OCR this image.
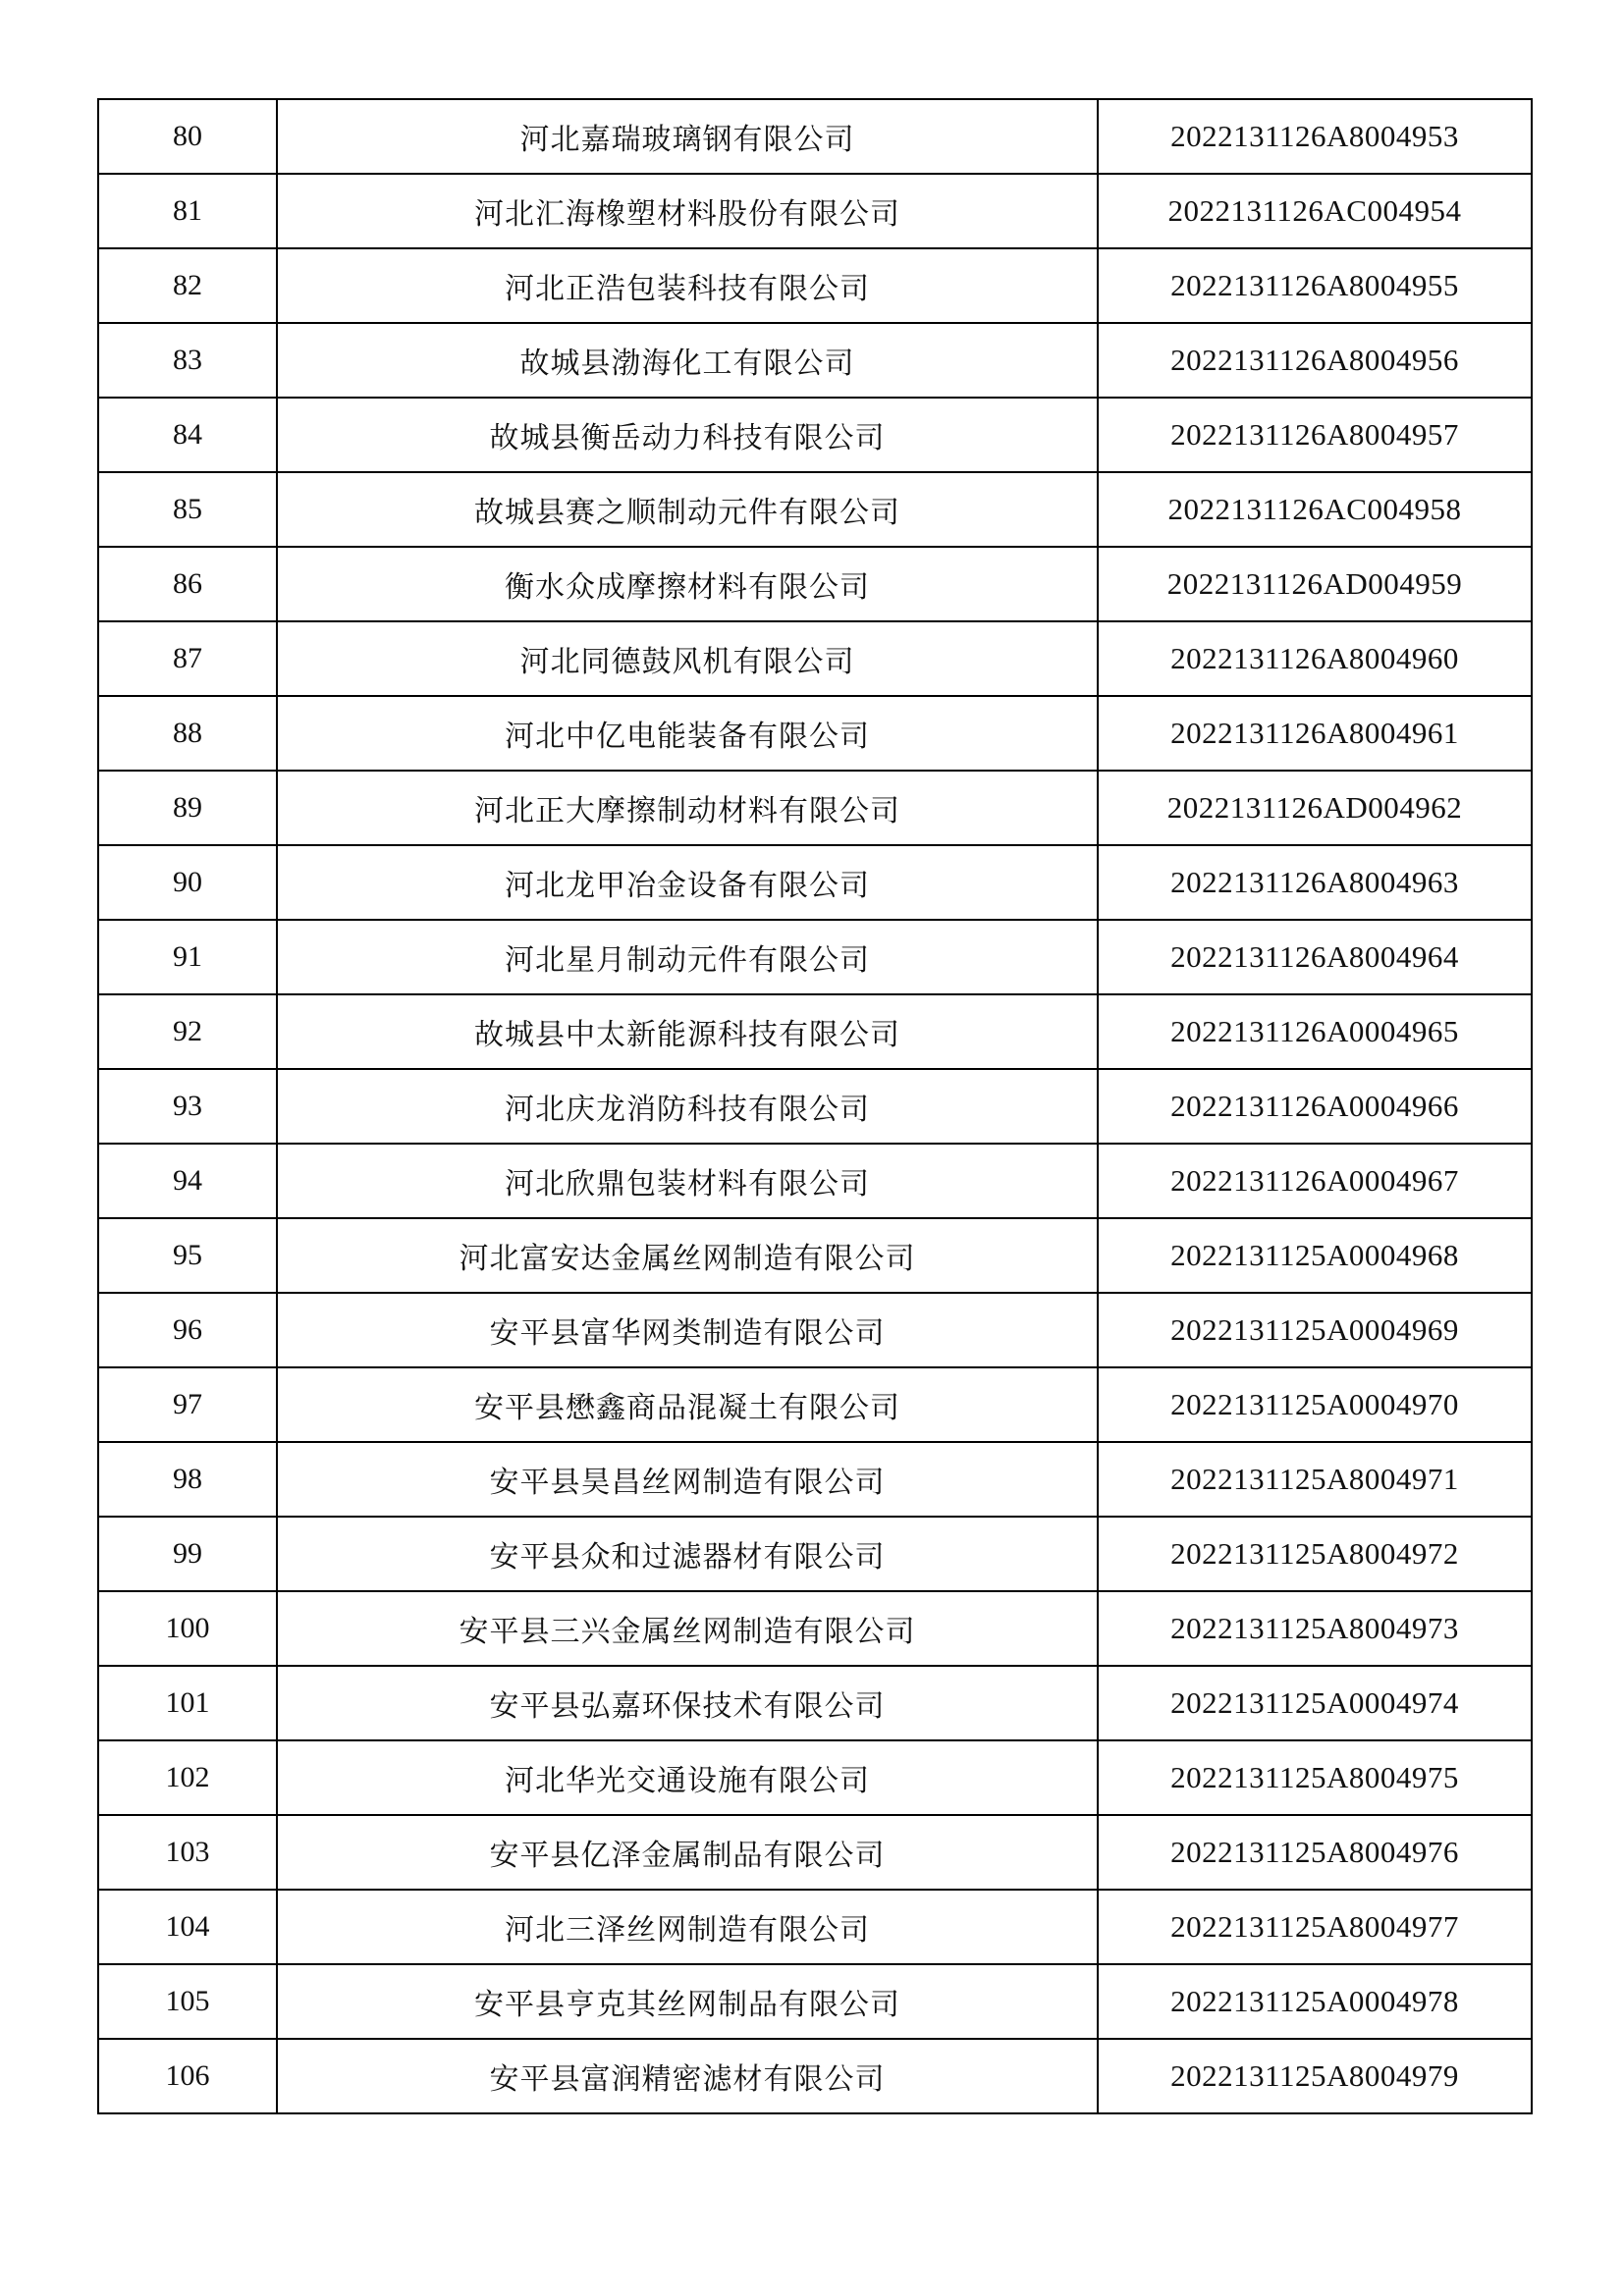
80	河北嘉瑞玻璃钢有限公司	2022131126A8004953
81	河北汇海橡塑材料股份有限公司	2022131126AC004954
82	河北正浩包装科技有限公司	2022131126A8004955
83	故城县渤海化工有限公司	2022131126A8004956
84	故城县衡岳动力科技有限公司	2022131126A8004957
85	故城县赛之顺制动元件有限公司	2022131126AC004958
86	衡水众成摩擦材料有限公司	2022131126AD004959
87	河北同德鼓风机有限公司	2022131126A8004960
88	河北中亿电能装备有限公司	2022131126A8004961
89	河北正大摩擦制动材料有限公司	2022131126AD004962
90	河北龙甲冶金设备有限公司	2022131126A8004963
91	河北星月制动元件有限公司	2022131126A8004964
92	故城县中太新能源科技有限公司	2022131126A0004965
93	河北庆龙消防科技有限公司	2022131126A0004966
94	河北欣鼎包装材料有限公司	2022131126A0004967
95	河北富安达金属丝网制造有限公司	2022131125A0004968
96	安平县富华网类制造有限公司	2022131125A0004969
97	安平县懋鑫商品混凝土有限公司	2022131125A0004970
98	安平县昊昌丝网制造有限公司	2022131125A8004971
99	安平县众和过滤器材有限公司	2022131125A8004972
100	安平县三兴金属丝网制造有限公司	2022131125A8004973
101	安平县弘嘉环保技术有限公司	2022131125A0004974
102	河北华光交通设施有限公司	2022131125A8004975
103	安平县亿泽金属制品有限公司	2022131125A8004976
104	河北三泽丝网制造有限公司	2022131125A8004977
105	安平县亨克其丝网制品有限公司	2022131125A0004978
106	安平县富润精密滤材有限公司	2022131125A8004979
